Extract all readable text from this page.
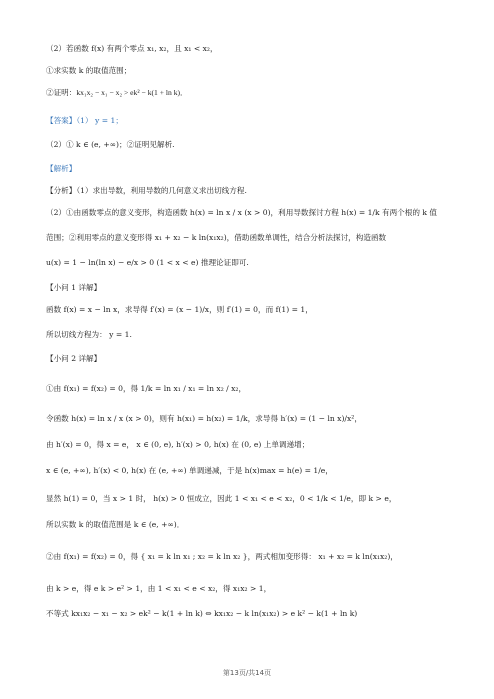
（2）若函数 f(x) 有两个零点 x₁, x₂，且 x₁ < x₂，
①求实数 k 的取值范围；
②证明：kx₁x₂ − x₁ − x₂ > ek² − k(1 + ln k)．
【答案】（1） y = 1；
（2）① k ∈ (e, +∞)；②证明见解析.
【解析】
【分析】（1）求出导数，利用导数的几何意义求出切线方程.
（2）①由函数零点的意义变形，构造函数 h(x) = ln x / x (x > 0)，利用导数探讨方程 h(x) = 1/k 有两个根的 k 值
范围；②利用零点的意义变形得 x₁ + x₂ − k ln(x₁x₂)，借助函数单调性，结合分析法探讨，构造函数
u(x) = 1 − ln(ln x) − e/x > 0 (1 < x < e) 推理论证即可.
【小问 1 详解】
函数 f(x) = x − ln x，求导得 f′(x) = (x − 1)/x，则 f′(1) = 0，而 f(1) = 1，
所以切线方程为： y = 1.
【小问 2 详解】
①由 f(x₁) = f(x₂) = 0，得 1/k = ln x₁ / x₁ = ln x₂ / x₂，
令函数 h(x) = ln x / x (x > 0)，则有 h(x₁) = h(x₂) = 1/k，求导得 h′(x) = (1 − ln x)/x²，
由 h′(x) = 0，得 x = e， x ∈ (0, e), h′(x) > 0, h(x) 在 (0, e) 上单调递增；
x ∈ (e, +∞), h′(x) < 0, h(x) 在 (e, +∞) 单调递减，于是 h(x)max = h(e) = 1/e，
显然 h(1) = 0，当 x > 1 时， h(x) > 0 恒成立，因此 1 < x₁ < e < x₂，0 < 1/k < 1/e，即 k > e，
所以实数 k 的取值范围是 k ∈ (e, +∞)．
②由 f(x₁) = f(x₂) = 0，得 { x₁ = k ln x₁ ; x₂ = k ln x₂ }，两式相加变形得： x₁ + x₂ = k ln(x₁x₂)，
由 k > e，得 e k > e² > 1，由 1 < x₁ < e < x₂，得 x₁x₂ > 1，
不等式 kx₁x₂ − x₁ − x₂ > ek² − k(1 + ln k) ⇔ kx₁x₂ − k ln(x₁x₂) > e k² − k(1 + ln k)
第13页/共14页
